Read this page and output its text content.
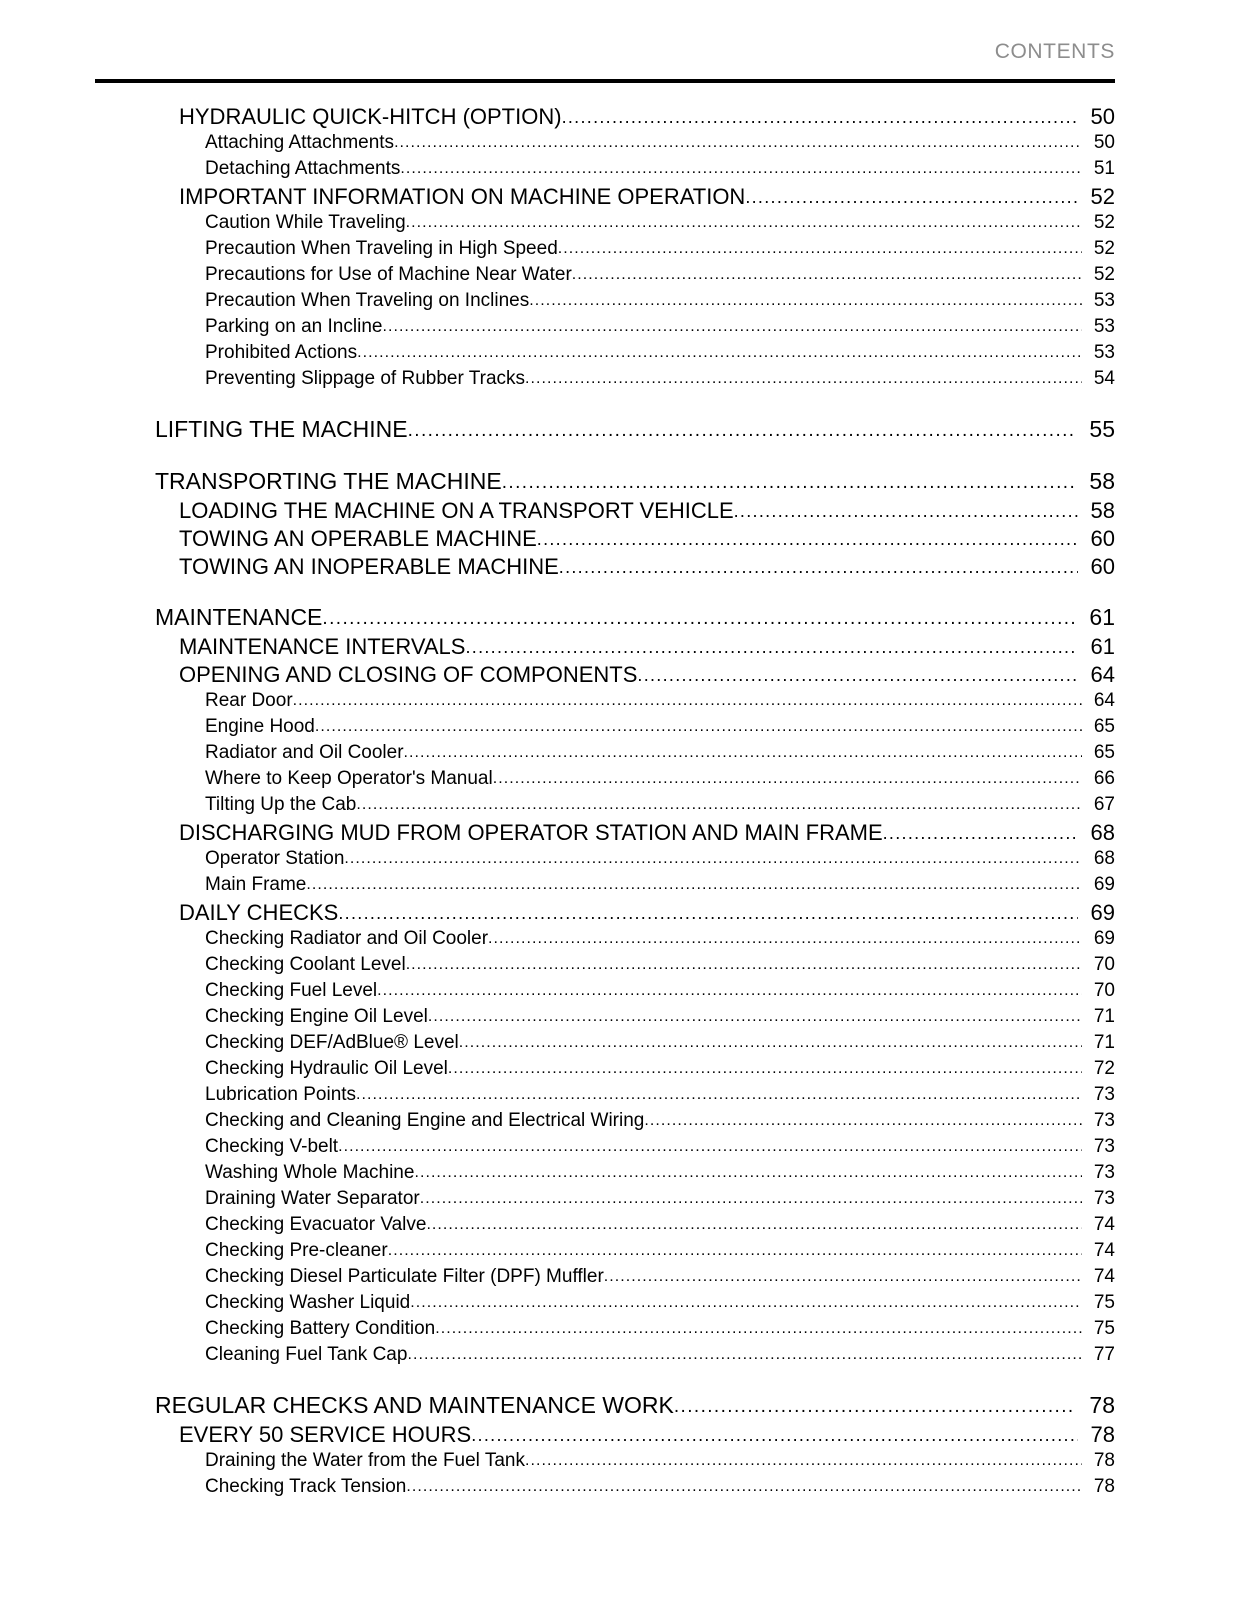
CONTENTS
HYDRAULIC QUICK-HITCH (OPTION) .....	50
Attaching Attachments .....	50
Detaching Attachments .....	51
IMPORTANT INFORMATION ON MACHINE OPERATION .....	52
Caution While Traveling .....	52
Precaution When Traveling in High Speed .....	52
Precautions for Use of Machine Near Water .....	52
Precaution When Traveling on Inclines .....	53
Parking on an Incline .....	53
Prohibited Actions .....	53
Preventing Slippage of Rubber Tracks .....	54
LIFTING THE MACHINE .....	55
TRANSPORTING THE MACHINE .....	58
LOADING THE MACHINE ON A TRANSPORT VEHICLE .....	58
TOWING AN OPERABLE MACHINE .....	60
TOWING AN INOPERABLE MACHINE .....	60
MAINTENANCE .....	61
MAINTENANCE INTERVALS .....	61
OPENING AND CLOSING OF COMPONENTS .....	64
Rear Door .....	64
Engine Hood .....	65
Radiator and Oil Cooler .....	65
Where to Keep Operator's Manual .....	66
Tilting Up the Cab .....	67
DISCHARGING MUD FROM OPERATOR STATION AND MAIN FRAME .....	68
Operator Station .....	68
Main Frame .....	69
DAILY CHECKS .....	69
Checking Radiator and Oil Cooler .....	69
Checking Coolant Level .....	70
Checking Fuel Level .....	70
Checking Engine Oil Level .....	71
Checking DEF/AdBlue® Level .....	71
Checking Hydraulic Oil Level .....	72
Lubrication Points .....	73
Checking and Cleaning Engine and Electrical Wiring .....	73
Checking V-belt .....	73
Washing Whole Machine .....	73
Draining Water Separator .....	73
Checking Evacuator Valve .....	74
Checking Pre-cleaner .....	74
Checking Diesel Particulate Filter (DPF) Muffler .....	74
Checking Washer Liquid .....	75
Checking Battery Condition .....	75
Cleaning Fuel Tank Cap .....	77
REGULAR CHECKS AND MAINTENANCE WORK .....	78
EVERY 50 SERVICE HOURS .....	78
Draining the Water from the Fuel Tank .....	78
Checking Track Tension .....	78
